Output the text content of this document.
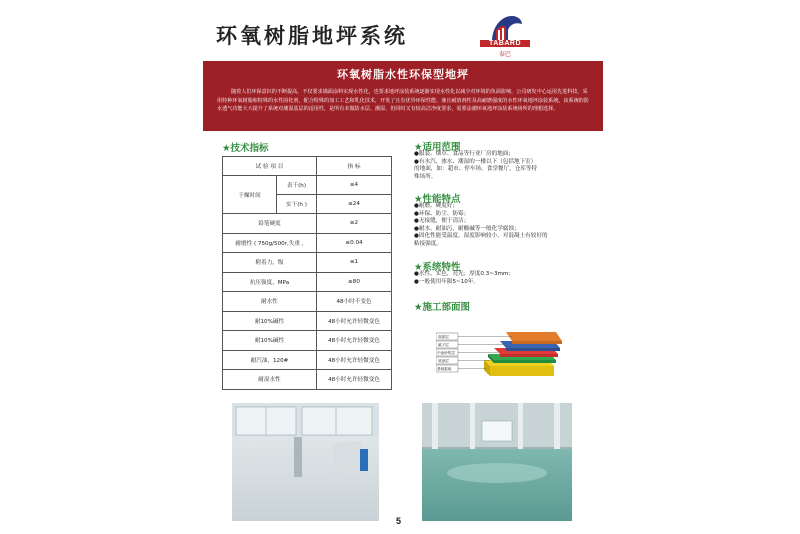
环氧树脂地坪系统	TABARD
泰巴
环氧树脂水性环保型地坪
随着人们环保意识的不断提高，不仅要求墙面涂料实现水性化，也要求地坪涂装系统逐渐实现水性化以减少对环境的负面影响，公司研发中心运用先进科技，采用特种环氧树脂和特殊的水性固化剂，配合特殊的加工工艺和乳化技术，开发了且有优异环保性能、兼且耐溶剂性及高耐磨强度的水性环氧地坪涂装系统。该系统的防水透气功能大大提升了系统对潮湿基层的适用性，是所有未做防水层、潮湿、但同时又有较高洁净度要求，需要涂潮环氧地坪涂装系统场所的理想选择。
★技术指标
试 验 项 目		指 标
干燥时间	表干(h)	≤4
	实干(h )	≤24
铅笔硬度		≥2
耐磨性 ( 750g/500r,失重 ,		≤0.04
附着力，级		≤1
抗压强度，MPa		≥80
耐水性		48小时不变色
耐10%碱性		48小时允许轻微变色
耐10%碱性		48小时允许轻微变色
耐汽油，120#		48小时允许轻微变色
耐湿水性		48小时允许轻微变色
★适用范围

●服装、烟草、食品等行业厂房的地面；

●有水汽、渗水、潮湿的一楼以下（包括地下室）

的地面，如：超市、停车场、食堂餐厅，仓库等特

殊场所。

★性能特点

●耐磨、硬度好；

●环保、防尘、防霉；

●无接缝，便于清洁；

●耐水、耐油污，耐酸碱等一般化学腐蚀；

●固化性能受温度、湿度影响较小，对混凝土有较好的

粘接强度。

★系统特性

●水性、实色，亮光；厚度0.3~3mm;

●一般使用年限5~10年。

★施工部面图
面漆层
腻子层
中涂砂浆层
底涂层
基础素地
5
